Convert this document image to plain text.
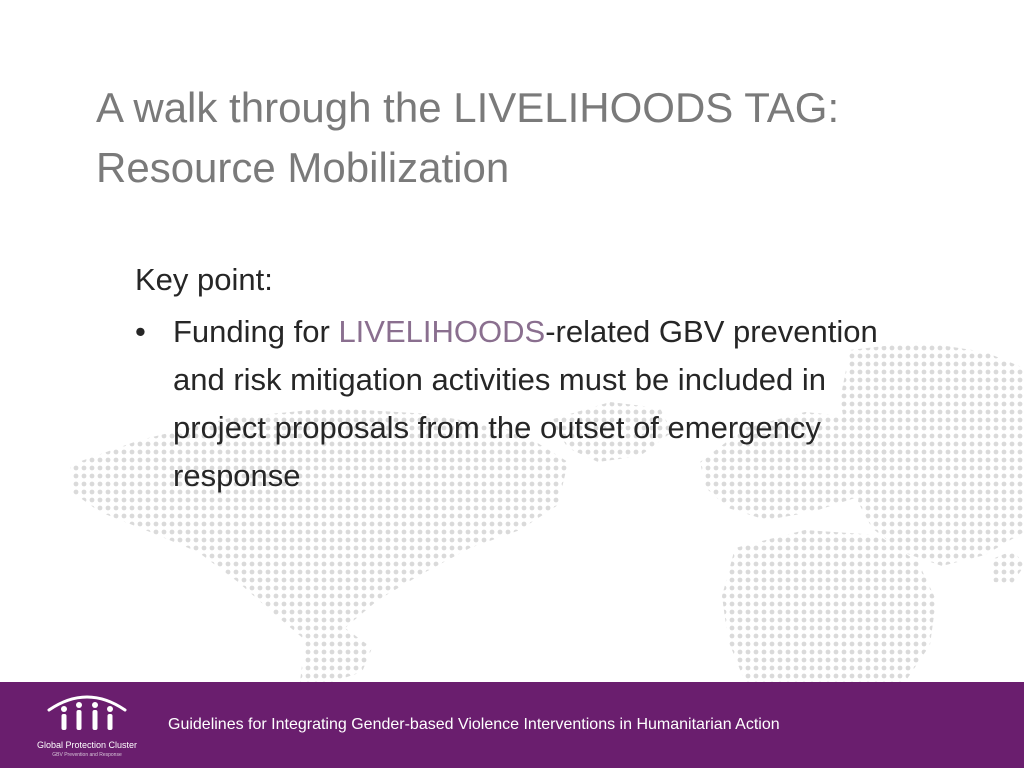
A walk through the LIVELIHOODS TAG:
Resource Mobilization

Key point:

• Funding for LIVELIHOODS-related GBV prevention and risk mitigation activities must be included in project proposals from the outset of emergency response
Global Protection Cluster
GBV Prevention and Response
Guidelines for Integrating Gender-based Violence Interventions in Humanitarian Action
